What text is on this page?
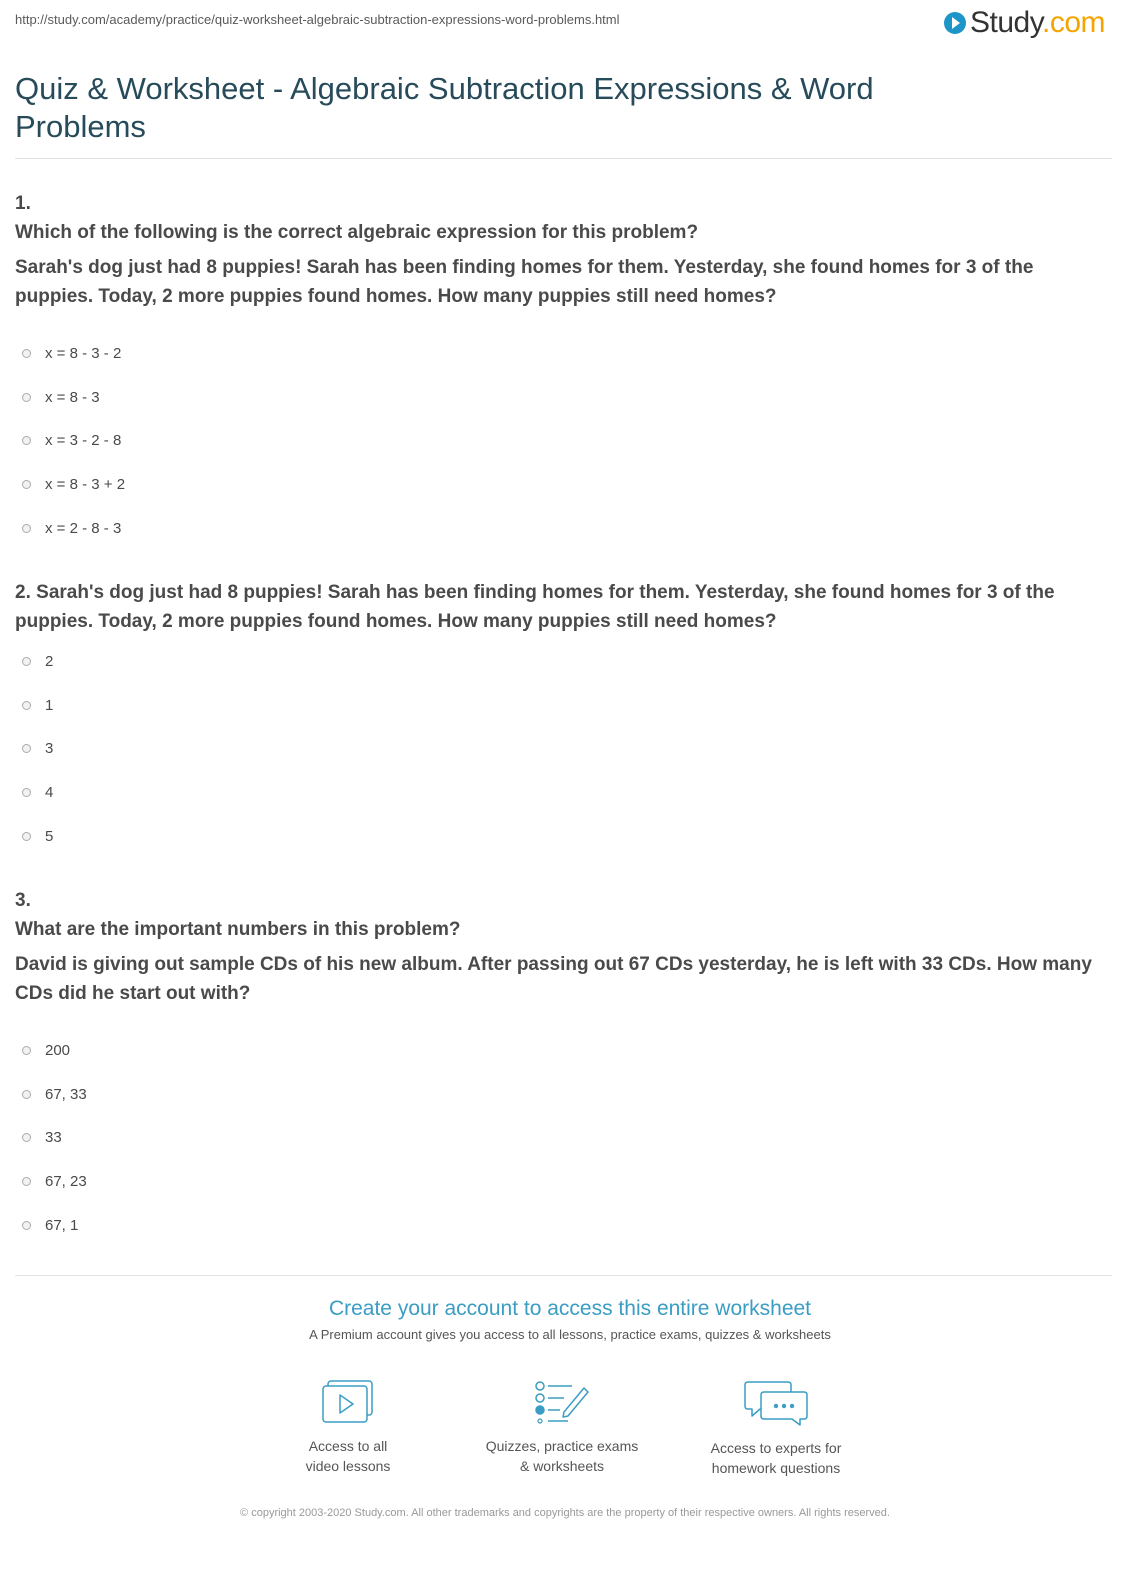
http://study.com/academy/practice/quiz-worksheet-algebraic-subtraction-expressions-word-problems.html	Study.com
Quiz & Worksheet - Algebraic Subtraction Expressions & Word Problems
1.
Which of the following is the correct algebraic expression for this problem?
Sarah's dog just had 8 puppies! Sarah has been finding homes for them. Yesterday, she found homes for 3 of the puppies. Today, 2 more puppies found homes. How many puppies still need homes?
x = 8 - 3 - 2
x = 8 - 3
x = 3 - 2 - 8
x = 8 - 3 + 2
x = 2 - 8 - 3
2. Sarah's dog just had 8 puppies! Sarah has been finding homes for them. Yesterday, she found homes for 3 of the puppies. Today, 2 more puppies found homes. How many puppies still need homes?
2
1
3
4
5
3.
What are the important numbers in this problem?
David is giving out sample CDs of his new album. After passing out 67 CDs yesterday, he is left with 33 CDs. How many CDs did he start out with?
200
67, 33
33
67, 23
67, 1
Create your account to access this entire worksheet
A Premium account gives you access to all lessons, practice exams, quizzes & worksheets
Access to all
video lessons
Quizzes, practice exams
& worksheets
Access to experts for
homework questions
© copyright 2003-2020 Study.com. All other trademarks and copyrights are the property of their respective owners. All rights reserved.
